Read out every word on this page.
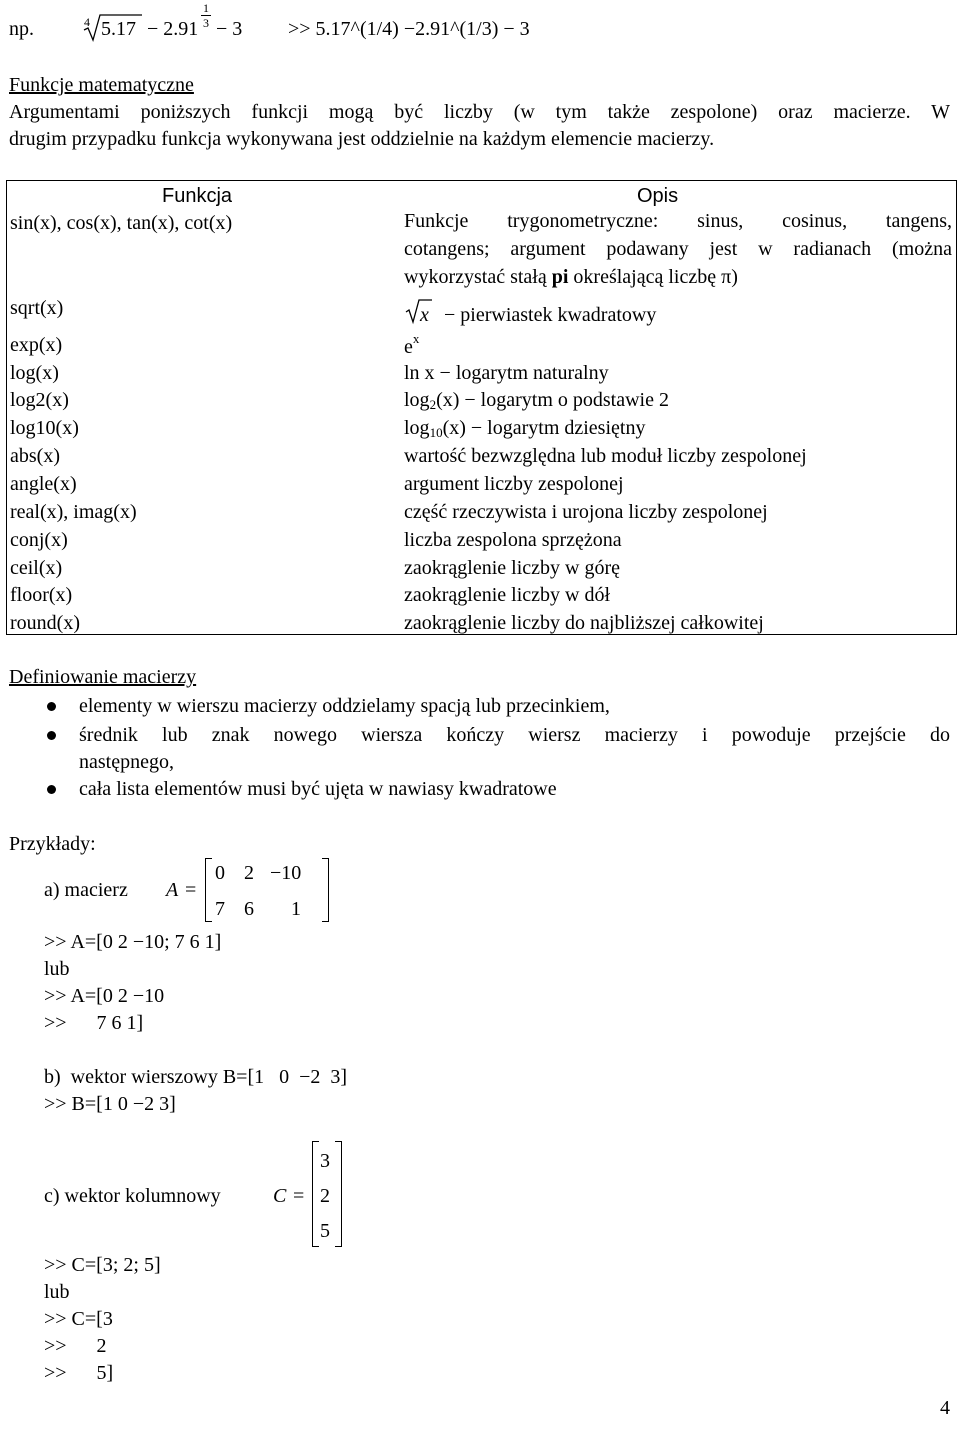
np.	4 5.17 − 2.91
1
3 − 3 >> 5.17^(1/4) −2.91^(1/3) − 3
Funkcje matematyczne
Argumentami poniższych funkcji mogą być liczby (w tym także zespolone) oraz macierze. W
drugim przypadku funkcja wykonywana jest oddzielnie na każdym elemencie macierzy.
Funkcja	Opis
sin(x), cos(x), tan(x), cot(x)	Funkcje trygonometryczne: sinus, cosinus, tangens,
cotangens; argument podawany jest w radianach (można
wykorzystać stałą pi określającą liczbę π)
sqrt(x)	x − pierwiastek kwadratowy
exp(x)	$e^x$
log(x)	ln x − logarytm naturalny
log2(x)	log2(x) − logarytm o podstawie 2
log10(x)	log10(x) − logarytm dziesiętny
abs(x)	wartość bezwzględna lub moduł liczby zespolonej
angle(x)	argument liczby zespolonej
real(x), imag(x)	część rzeczywista i urojona liczby zespolonej
conj(x)	liczba zespolona sprzężona
ceil(x)	zaokrąglenie liczby w górę
floor(x)	zaokrąglenie liczby w dół
round(x)	zaokrąglenie liczby do najbliższej całkowitej
Definiowanie macierzy
elementy w wierszu macierzy oddzielamy spacją lub przecinkiem,
średnik lub znak nowego wiersza kończy wiersz macierzy i powoduje przejście do
następnego,
cała lista elementów musi być ujęta w nawiasy kwadratowe
Przykłady:
a) macierz A =
0 2 −10
7 6 1
>> A=[0 2 −10; 7 6 1]
lub
>> A=[0 2 −10
>>      7 6 1]
b)  wektor wierszowy B=[1   0  −2  3]
>> B=[1 0 −2 3]
c) wektor kolumnowy	C =
3
2
5
>> C=[3; 2; 5]
lub
>> C=[3
>>      2
>>      5]
4
